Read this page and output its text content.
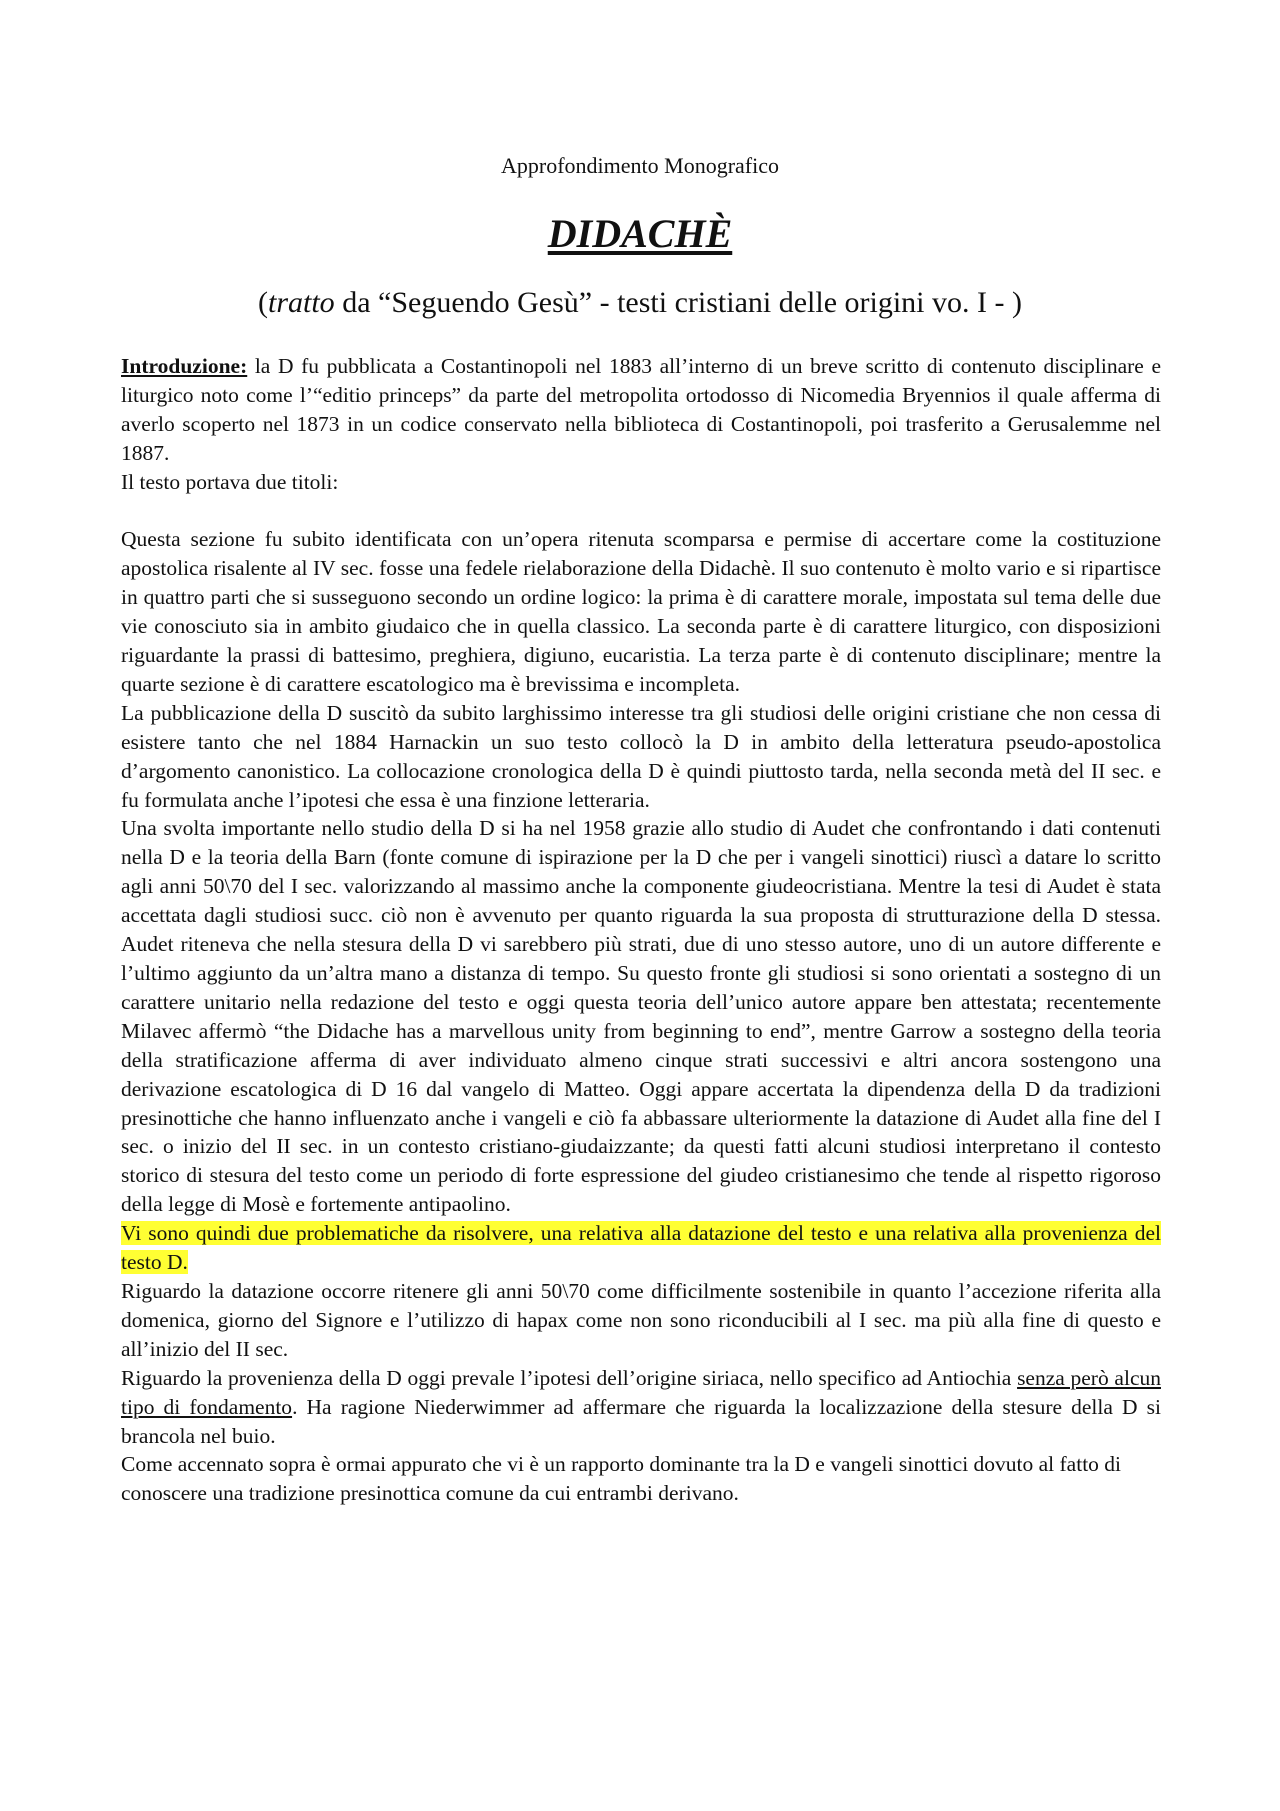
Approfondimento Monografico
DIDACHÈ
(tratto da “Seguendo Gesù” - testi cristiani delle origini vo. I - )

Introduzione: la D fu pubblicata a Costantinopoli nel 1883 all’interno di un breve scritto di contenuto disciplinare e liturgico noto come l’“editio princeps” da parte del metropolita ortodosso di Nicomedia Bryennios il quale afferma di averlo scoperto nel 1873 in un codice conservato nella biblioteca di Costantinopoli, poi trasferito a Gerusalemme nel 1887.

Il testo portava due titoli:

Questa sezione fu subito identificata con un’opera ritenuta scomparsa e permise di accertare come la costituzione apostolica risalente al IV sec. fosse una fedele rielaborazione della Didachè. Il suo contenuto è molto vario e si ripartisce in quattro parti che si susseguono secondo un ordine logico: la prima è di carattere morale, impostata sul tema delle due vie conosciuto sia in ambito giudaico che in quella classico. La seconda parte è di carattere liturgico, con disposizioni riguardante la prassi di battesimo, preghiera, digiuno, eucaristia. La terza parte è di contenuto disciplinare; mentre la quarte sezione è di carattere escatologico ma è brevissima e incompleta.

La pubblicazione della D suscitò da subito larghissimo interesse tra gli studiosi delle origini cristiane che non cessa di esistere tanto che nel 1884 Harnackin un suo testo collocò la D in ambito della letteratura pseudo-apostolica d’argomento canonistico. La collocazione cronologica della D è quindi piuttosto tarda, nella seconda metà del II sec. e fu formulata anche l’ipotesi che essa è una finzione letteraria.

Una svolta importante nello studio della D si ha nel 1958 grazie allo studio di Audet che confrontando i dati contenuti nella D e la teoria della Barn (fonte comune di ispirazione per la D che per i vangeli sinottici) riuscì a datare lo scritto agli anni 50\70 del I sec. valorizzando al massimo anche la componente giudeocristiana. Mentre la tesi di Audet è stata accettata dagli studiosi succ. ciò non è avvenuto per quanto riguarda la sua proposta di strutturazione della D stessa. Audet riteneva che nella stesura della D vi sarebbero più strati, due di uno stesso autore, uno di un autore differente e l’ultimo aggiunto da un’altra mano a distanza di tempo. Su questo fronte gli studiosi si sono orientati a sostegno di un carattere unitario nella redazione del testo e oggi questa teoria dell’unico autore appare ben attestata; recentemente Milavec affermò “the Didache has a marvellous unity from beginning to end”, mentre Garrow a sostegno della teoria della stratificazione afferma di aver individuato almeno cinque strati successivi e altri ancora sostengono una derivazione escatologica di D 16 dal vangelo di Matteo. Oggi appare accertata la dipendenza della D da tradizioni presinottiche che hanno influenzato anche i vangeli e ciò fa abbassare ulteriormente la datazione di Audet alla fine del I sec. o inizio del II sec. in un contesto cristiano-giudaizzante; da questi fatti alcuni studiosi interpretano il contesto storico di stesura del testo come un periodo di forte espressione del giudeo cristianesimo che tende al rispetto rigoroso della legge di Mosè e fortemente antipaolino.

Vi sono quindi due problematiche da risolvere, una relativa alla datazione del testo e una relativa alla provenienza del testo D.

Riguardo la datazione occorre ritenere gli anni 50\70 come difficilmente sostenibile in quanto l’accezione riferita alla domenica, giorno del Signore e l’utilizzo di hapax come non sono riconducibili al I sec. ma più alla fine di questo e all’inizio del II sec.

Riguardo la provenienza della D oggi prevale l’ipotesi dell’origine siriaca, nello specifico ad Antiochia senza però alcun tipo di fondamento. Ha ragione Niederwimmer ad affermare che riguarda la localizzazione della stesure della D si brancola nel buio.

Come accennato sopra è ormai appurato che vi è un rapporto dominante tra la D e vangeli sinottici dovuto al fatto di conoscere una tradizione presinottica comune da cui entrambi derivano.
